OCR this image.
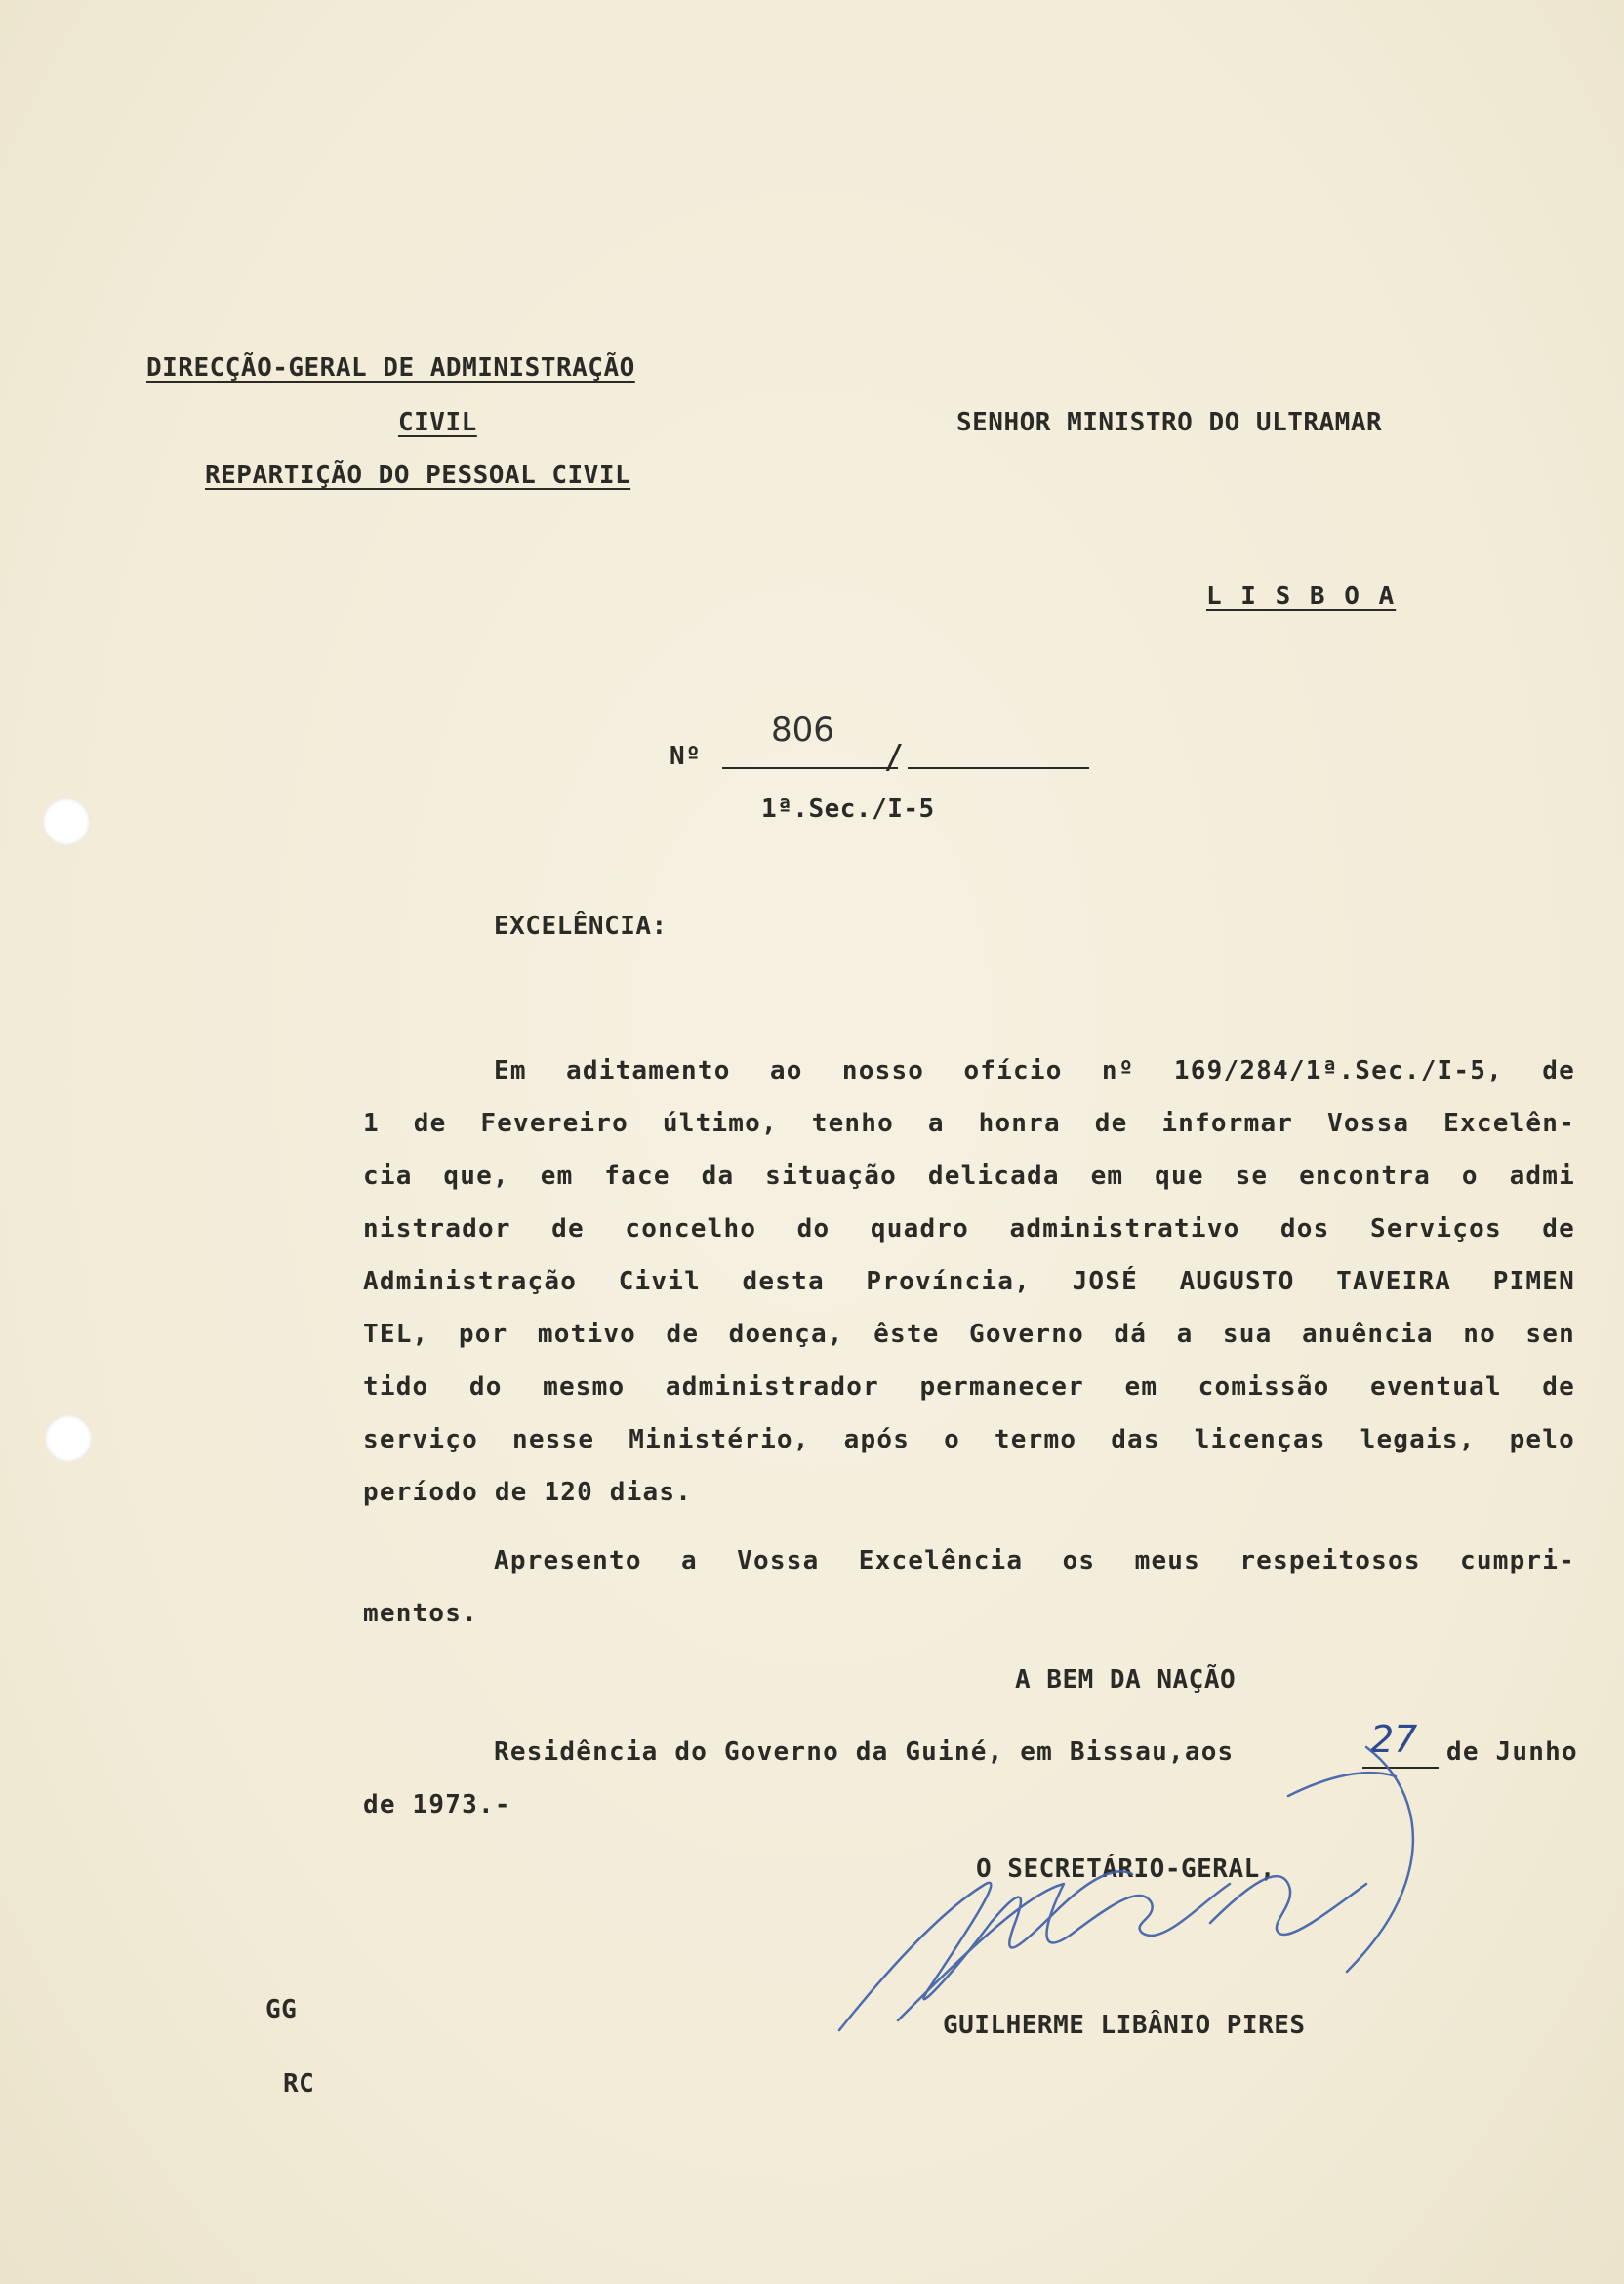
DIRECÇÃO-GERAL DE ADMINISTRAÇÃO
CIVIL
REPARTIÇÃO DO PESSOAL CIVIL
SENHOR MINISTRO DO ULTRAMAR
L I S B O A
Nº
806
/
1ª.Sec./I-5
EXCELÊNCIA:
Em aditamento ao nosso ofício nº 169/284/1ª.Sec./I-5, de
1 de Fevereiro último, tenho a honra de informar Vossa Excelên-
cia que, em face da situação delicada em que se encontra o admi
nistrador de concelho do quadro administrativo dos Serviços de
Administração Civil desta Província, JOSÉ AUGUSTO TAVEIRA PIMEN
TEL, por motivo de doença, êste Governo dá a sua anuência no sen
tido do mesmo administrador permanecer em comissão eventual de
serviço nesse Ministério, após o termo das licenças legais, pelo
período de 120 dias.
Apresento a Vossa Excelência os meus respeitosos cumpri-
mentos.
A BEM DA NAÇÃO
Residência do Governo da Guiné, em Bissau,aos	27 de Junho
de 1973.-
O SECRETÁRIO-GERAL,
GUILHERME LIBÂNIO PIRES
GG
RC
